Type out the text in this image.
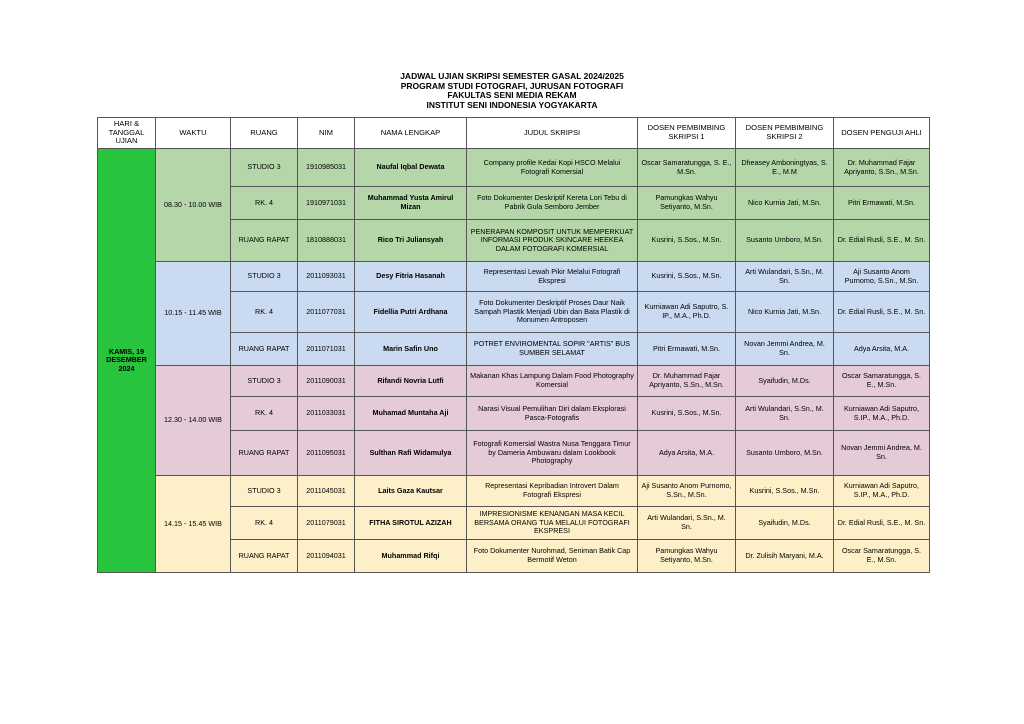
JADWAL UJIAN SKRIPSI SEMESTER GASAL 2024/2025
PROGRAM STUDI FOTOGRAFI, JURUSAN FOTOGRAFI
FAKULTAS SENI MEDIA REKAM
INSTITUT SENI INDONESIA YOGYAKARTA
HARI & TANGGAL UJIAN	WAKTU	RUANG	NIM	NAMA LENGKAP	JUDUL SKRIPSI	DOSEN PEMBIMBING SKRIPSI 1	DOSEN PEMBIMBING SKRIPSI 2	DOSEN PENGUJI AHLI
KAMIS, 19 DESEMBER 2024	08.30 - 10.00 WIB	STUDIO 3	1910985031	Naufal Iqbal Dewata	Company profile Kedai Kopi HSCO Melalui Fotografi Komersial	Oscar Samaratungga, S. E., M.Sn.	Dheasey Amboningtyas, S. E., M.M	Dr. Muhammad Fajar Apriyanto, S.Sn., M.Sn.
		RK. 4	1910971031	Muhammad Yusta Amirul Mizan	Foto Dokumenter Deskriptif Kereta Lori Tebu di Pabrik Gula Semboro Jember	Pamungkas Wahyu Setiyanto, M.Sn.	Nico Kurnia Jati, M.Sn.	Pitri Ermawati, M.Sn.
		RUANG RAPAT	1810888031	Rico Tri Juliansyah	PENERAPAN KOMPOSIT UNTUK MEMPERKUAT INFORMASI PRODUK SKINCARE HEEKEA DALAM FOTOGRAFI KOMERSIAL	Kusrini, S.Sos., M.Sn.	Susanto Umboro, M.Sn.	Dr. Edial Rusli, S.E., M. Sn.
	10.15 - 11.45 WIB	STUDIO 3	2011093031	Desy Fitria Hasanah	Representasi Lewah Pikir Melalui Fotografi Ekspresi	Kusrini, S.Sos., M.Sn.	Arti Wulandari, S.Sn., M. Sn.	Aji Susanto Anom Purnomo, S.Sn., M.Sn.
		RK. 4	2011077031	Fidellia Putri Ardhana	Foto Dokumenter Deskriptif Proses Daur Naik Sampah Plastik Menjadi Ubin dan Bata Plastik di Monumen Antroposen	Kurniawan Adi Saputro, S. IP., M.A., Ph.D.	Nico Kurnia Jati, M.Sn.	Dr. Edial Rusli, S.E., M. Sn.
		RUANG RAPAT	2011071031	Marin Safin Uno	POTRET ENVIROMENTAL SOPIR "ARTIS" BUS SUMBER SELAMAT	Pitri Ermawati, M.Sn.	Novan Jemmi Andrea, M. Sn.	Adya Arsita, M.A.
	12.30 - 14.00 WIB	STUDIO 3	2011090031	Rifandi Novria Lutfi	Makanan Khas Lampung Dalam Food Photography Komersial	Dr. Muhammad Fajar Apriyanto, S.Sn., M.Sn.	Syaifudin, M.Ds.	Oscar Samaratungga, S. E., M.Sn.
		RK. 4	2011033031	Muhamad Muntaha Aji	Narasi Visual Pemulihan Diri dalam Eksplorasi Pasca-Fotografis	Kusrini, S.Sos., M.Sn.	Arti Wulandari, S.Sn., M. Sn.	Kurniawan Adi Saputro, S.IP., M.A., Ph.D.
		RUANG RAPAT	2011095031	Sulthan Rafi Widamulya	Fotografi Komersial Wastra Nusa Tenggara Timur by Dameria Ambuwaru dalam Lookbook Photography	Adya Arsita, M.A.	Susanto Umboro, M.Sn.	Novan Jemmi Andrea, M. Sn.
	14.15 - 15.45 WIB	STUDIO 3	2011045031	Laits Gaza Kautsar	Representasi Kepribadian Introvert Dalam Fotografi Ekspresi	Aji Susanto Anom Purnomo, S.Sn., M.Sn.	Kusrini, S.Sos., M.Sn.	Kurniawan Adi Saputro, S.IP., M.A., Ph.D.
		RK. 4	2011079031	FITHA SIROTUL AZIZAH	IMPRESIONISME KENANGAN MASA KECIL BERSAMA ORANG TUA MELALUI FOTOGRAFI EKSPRESI	Arti Wulandari, S.Sn., M. Sn.	Syaifudin, M.Ds.	Dr. Edial Rusli, S.E., M. Sn.
		RUANG RAPAT	2011094031	Muhammad Rifqi	Foto Dokumenter Nurohmad, Seniman Batik Cap Bermotif Weton	Pamungkas Wahyu Setiyanto, M.Sn.	Dr. Zulisih Maryani, M.A.	Oscar Samaratungga, S. E., M.Sn.
